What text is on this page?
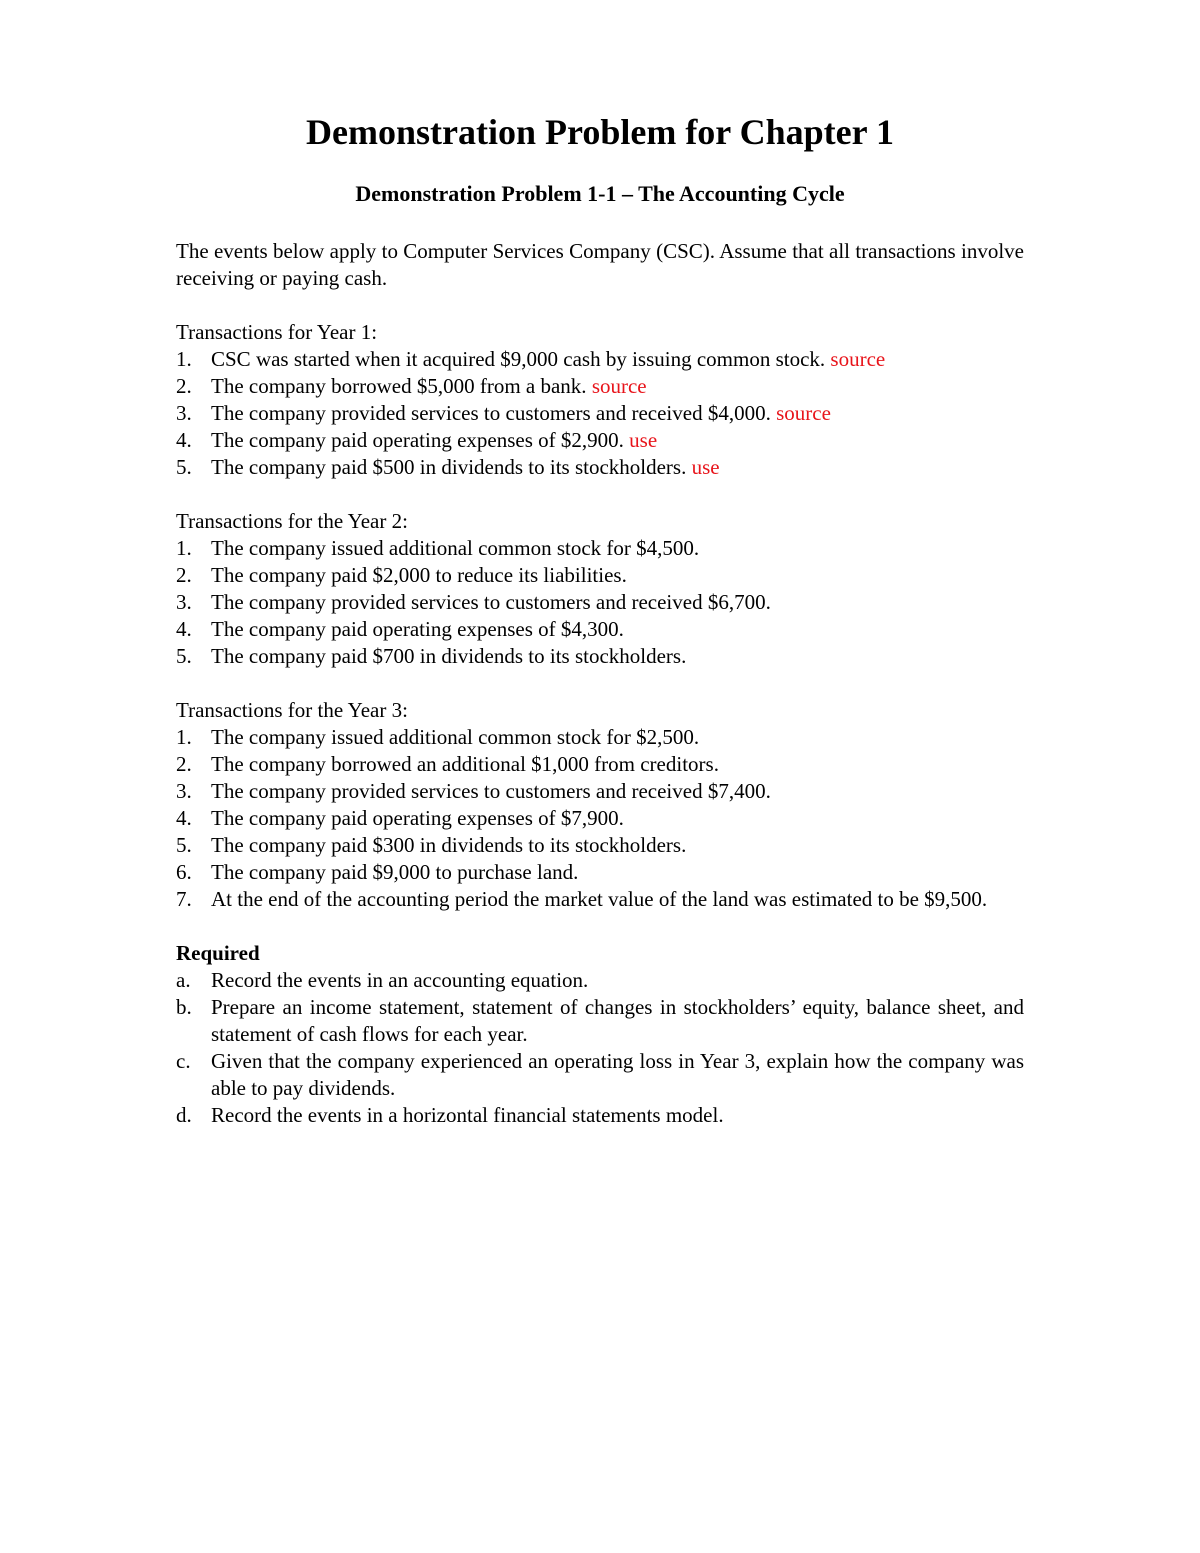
Demonstration Problem for Chapter 1
Demonstration Problem 1-1 – The Accounting Cycle

The events below apply to Computer Services Company (CSC). Assume that all transactions involve receiving or paying cash.

Transactions for Year 1:
1. CSC was started when it acquired $9,000 cash by issuing common stock. source
2. The company borrowed $5,000 from a bank. source
3. The company provided services to customers and received $4,000. source
4. The company paid operating expenses of $2,900. use
5. The company paid $500 in dividends to its stockholders. use
Transactions for the Year 2:
1. The company issued additional common stock for $4,500.
2. The company paid $2,000 to reduce its liabilities.
3. The company provided services to customers and received $6,700.
4. The company paid operating expenses of $4,300.
5. The company paid $700 in dividends to its stockholders.
Transactions for the Year 3:
1. The company issued additional common stock for $2,500.
2. The company borrowed an additional $1,000 from creditors.
3. The company provided services to customers and received $7,400.
4. The company paid operating expenses of $7,900.
5. The company paid $300 in dividends to its stockholders.
6. The company paid $9,000 to purchase land.
7. At the end of the accounting period the market value of the land was estimated to be $9,500.
Required
a. Record the events in an accounting equation.
b. Prepare an income statement, statement of changes in stockholders’ equity, balance sheet, and statement of cash flows for each year.
c. Given that the company experienced an operating loss in Year 3, explain how the company was able to pay dividends.
d. Record the events in a horizontal financial statements model.
